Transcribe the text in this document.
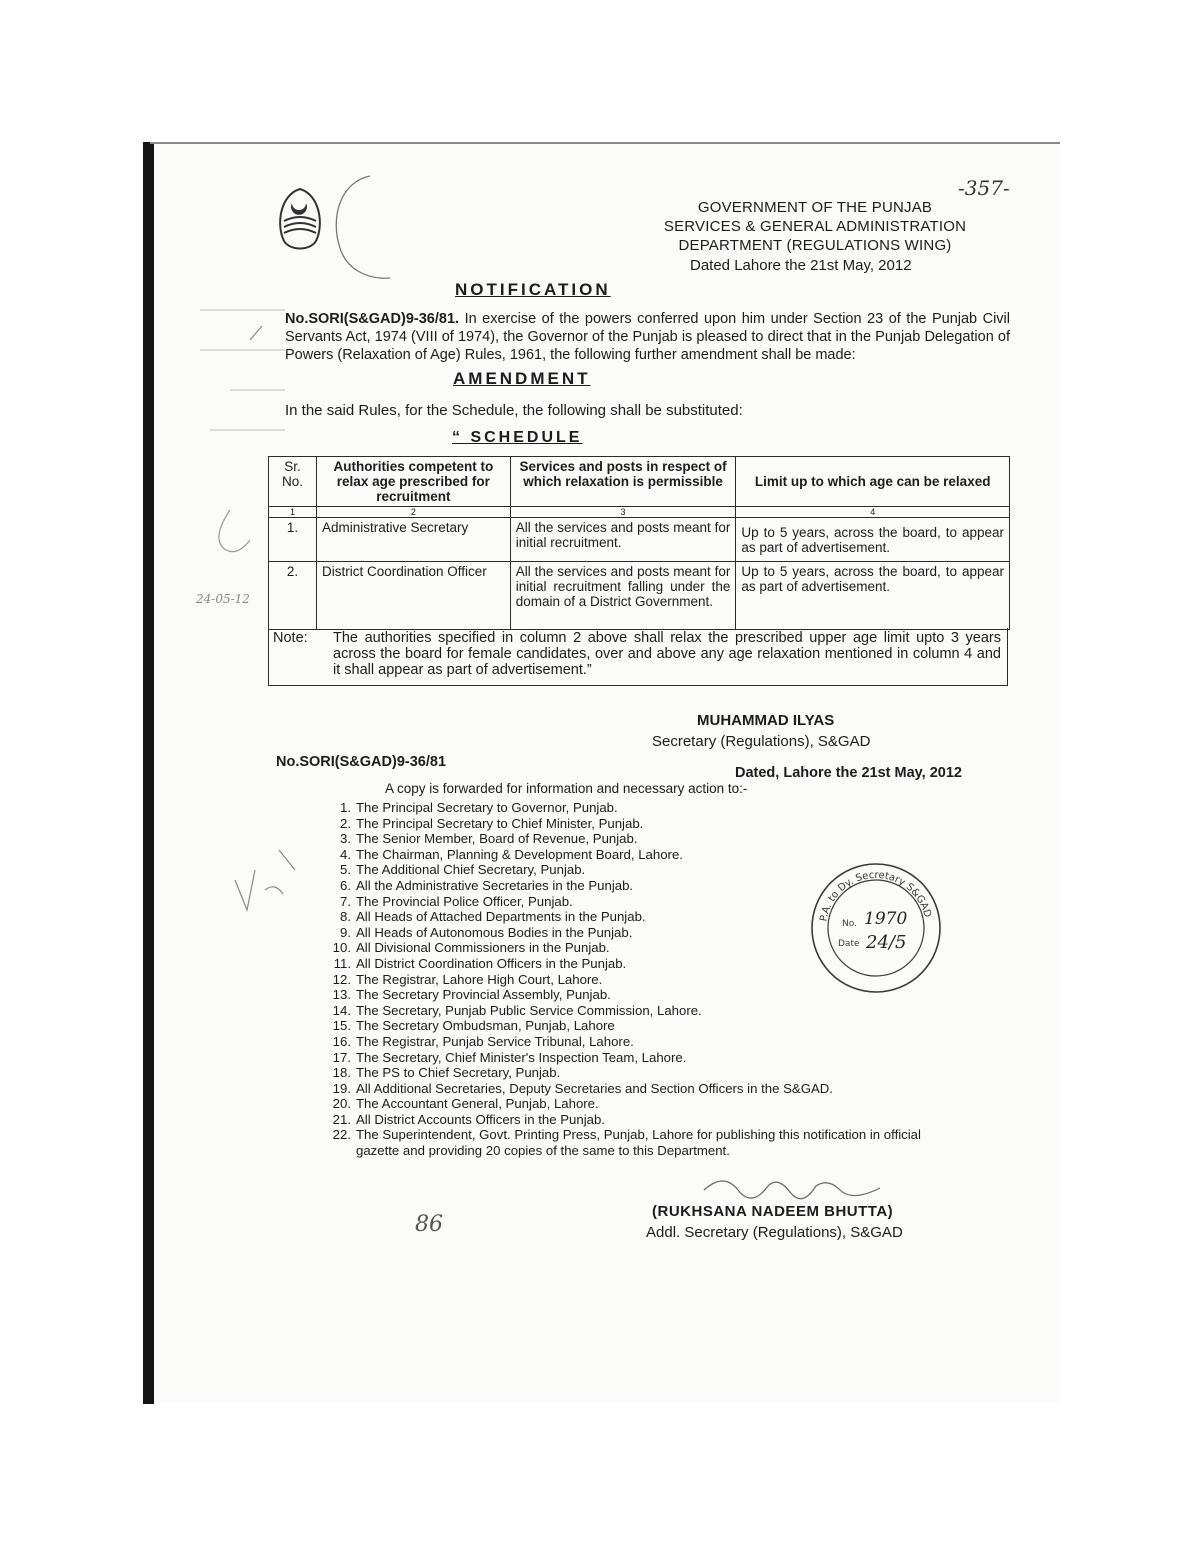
GOVERNMENT OF THE PUNJAB
SERVICES & GENERAL ADMINISTRATION
DEPARTMENT (REGULATIONS WING)
Dated Lahore the 21st May, 2012
-357-
NOTIFICATION
No.SORI(S&GAD)9-36/81. In exercise of the powers conferred upon him under Section 23 of the Punjab Civil Servants Act, 1974 (VIII of 1974), the Governor of the Punjab is pleased to direct that in the Punjab Delegation of Powers (Relaxation of Age) Rules, 1961, the following further amendment shall be made:
AMENDMENT
In the said Rules, for the Schedule, the following shall be substituted:
“ SCHEDULE
Sr. No.	Authorities competent to relax age prescribed for recruitment	Services and posts in respect of which relaxation is permissible	Limit up to which age can be relaxed
1	2	3	4
1.	Administrative Secretary	All the services and posts meant for initial recruitment.	Up to 5 years, across the board, to appear as part of advertisement.
2.	District Coordination Officer	All the services and posts meant for initial recruitment falling under the domain of a District Government.	Up to 5 years, across the board, to appear as part of advertisement.
Note: The authorities specified in column 2 above shall relax the prescribed upper age limit upto 3 years across the board for female candidates, over and above any age relaxation mentioned in column 4 and it shall appear as part of advertisement.”
MUHAMMAD ILYAS
Secretary (Regulations), S&GAD
No.SORI(S&GAD)9-36/81
Dated, Lahore the 21st May, 2012
A copy is forwarded for information and necessary action to:-
1. The Principal Secretary to Governor, Punjab.
2. The Principal Secretary to Chief Minister, Punjab.
3. The Senior Member, Board of Revenue, Punjab.
4. The Chairman, Planning & Development Board, Lahore.
5. The Additional Chief Secretary, Punjab.
6. All the Administrative Secretaries in the Punjab.
7. The Provincial Police Officer, Punjab.
8. All Heads of Attached Departments in the Punjab.
9. All Heads of Autonomous Bodies in the Punjab.
10. All Divisional Commissioners in the Punjab.
11. All District Coordination Officers in the Punjab.
12. The Registrar, Lahore High Court, Lahore.
13. The Secretary Provincial Assembly, Punjab.
14. The Secretary, Punjab Public Service Commission, Lahore.
15. The Secretary Ombudsman, Punjab, Lahore
16. The Registrar, Punjab Service Tribunal, Lahore.
17. The Secretary, Chief Minister's Inspection Team, Lahore.
18. The PS to Chief Secretary, Punjab.
19. All Additional Secretaries, Deputy Secretaries and Section Officers in the S&GAD.
20. The Accountant General, Punjab, Lahore.
21. All District Accounts Officers in the Punjab.
22. The Superintendent, Govt. Printing Press, Punjab, Lahore for publishing this notification in official gazette and providing 20 copies of the same to this Department.
P.A. to Dy. Secretary S&GAD
No. 1970
Date 24/5
(RUKHSANA NADEEM BHUTTA)
Addl. Secretary (Regulations), S&GAD
86
24-05-12
